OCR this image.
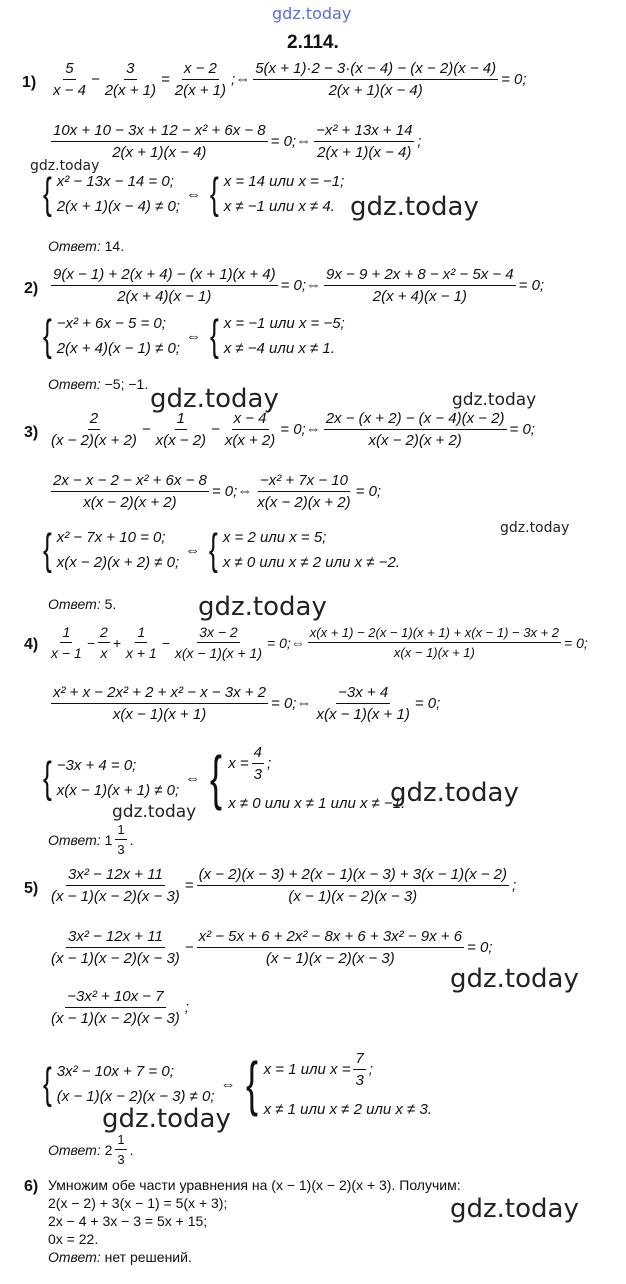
gdz.today
2.114.
$1) \frac{5}{x - 4} - \frac{3}{2(x + 1)} = \frac{x - 2}{2(x + 1)}$ ;⇔ $\frac{5(x + 1)\cdot 2 - 3\cdot(x - 4) - (x - 2)(x - 4)}{2(x + 1)(x - 4)} = 0$;
$\frac{\text{10x + 10 − 3x + 12 − x² + 6x − 8}}{2(x + 1)(x - 4)}$ = 0;⇔ $\frac{\text{−x² + 13x + 14}}{2(x + 1)(x - 4)}$ ;
{ x² − 13x − 14 = 0;
2(x + 1)(x − 4) ≠ 0;
⇔ { x = 14 или x = −1;
x ≠ −1 или x ≠ 4.
Ответ: 14.
$2) \frac{9(x - 1) + 2(x + 4) - (x + 1)(x + 4)}{2(x + 4)(x - 1)}$ = 0;⇔ $\frac{\text{9x − 9 + 2x + 8 − x² − 5x − 4}}{2(x + 4)(x - 1)} = 0$;
{ −x² + 6x − 5 = 0;
2(x + 4)(x − 1) ≠ 0;
⇔ { x = −1 или x = −5;
x ≠ −4 или x ≠ 1.
Ответ: −5; −1.
$3) \frac{2}{(x - 2)(x + 2)} - \frac{1}{x(x - 2)} - \frac{x - 4}{x(x + 2)}$ = 0;⇔ $\frac{2x - (x + 2) - (x - 4)(x - 2)}{x(x - 2)(x + 2)} = 0$;
$\frac{\text{2x − x − 2 − x² + 6x − 8}}{x(x - 2)(x + 2)}$ = 0;⇔ $\frac{\text{−x² + 7x − 10}}{x(x - 2)(x + 2)} = 0$;
{ x² − 7x + 10 = 0;
x(x − 2)(x + 2) ≠ 0;
⇔ { x = 2 или x = 5;
x ≠ 0 или x ≠ 2 или x ≠ −2.
Ответ: 5.
$4) \frac{1}{x - 1} - \frac{2}{x} + \frac{1}{x + 1} - \frac{3x - 2}{x(x - 1)(x + 1)}$ = 0;⇔ $\frac{x(x + 1) - 2(x - 1)(x + 1) + x(x - 1) - 3x + 2}{x(x - 1)(x + 1)} = 0$;
$\frac{\text{x² + x − 2x² + 2 + x² − x − 3x + 2}}{x(x - 1)(x + 1)}$ = 0;⇔ $\frac{-3x + 4}{x(x - 1)(x + 1)} = 0$;
{ −3x + 4 = 0;
x(x − 1)(x + 1) ≠ 0;
⇔ { $x = \frac{4}{3}$ ;
x ≠ 0 или x ≠ 1 или x ≠ −1.
Ответ:
$1 \frac{1}{3}$ .
$5) \frac{\text{3x² − 12x + 11}}{(x - 1)(x - 2)(x - 3)} = \frac{(x - 2)(x - 3) + 2(x - 1)(x - 3) + 3(x - 1)(x - 2)}{(x - 1)(x - 2)(x - 3)}$ ;
$\frac{\text{3x² − 12x + 11}}{(x - 1)(x - 2)(x - 3)} - \frac{\text{x² − 5x + 6 + 2x² − 8x + 6 + 3x² − 9x + 6}}{(x - 1)(x - 2)(x - 3)} = 0$;
$\frac{\text{−3x² + 10x − 7}}{(x - 1)(x - 2)(x - 3)}$ ;
{ 3x² − 10x + 7 = 0;
(x − 1)(x − 2)(x − 3) ≠ 0;
⇔ { x = 1 или $x = \frac{7}{3}$ ;
x ≠ 1 или x ≠ 2 или x ≠ 3.
Ответ:
$2 \frac{1}{3}$ .
6) Умножим обе части уравнения на (x − 1)(x − 2)(x + 3). Получим:
2(x − 2) + 3(x − 1) = 5(x + 3);
2x − 4 + 3x − 3 = 5x + 15;
0x = 22.
Ответ: нет решений.
gdz.today
gdz.today
gdz.today	gdz.today
gdz.today
gdz.today
gdz.today
gdz.today
gdz.today
gdz.today
gdz.today
